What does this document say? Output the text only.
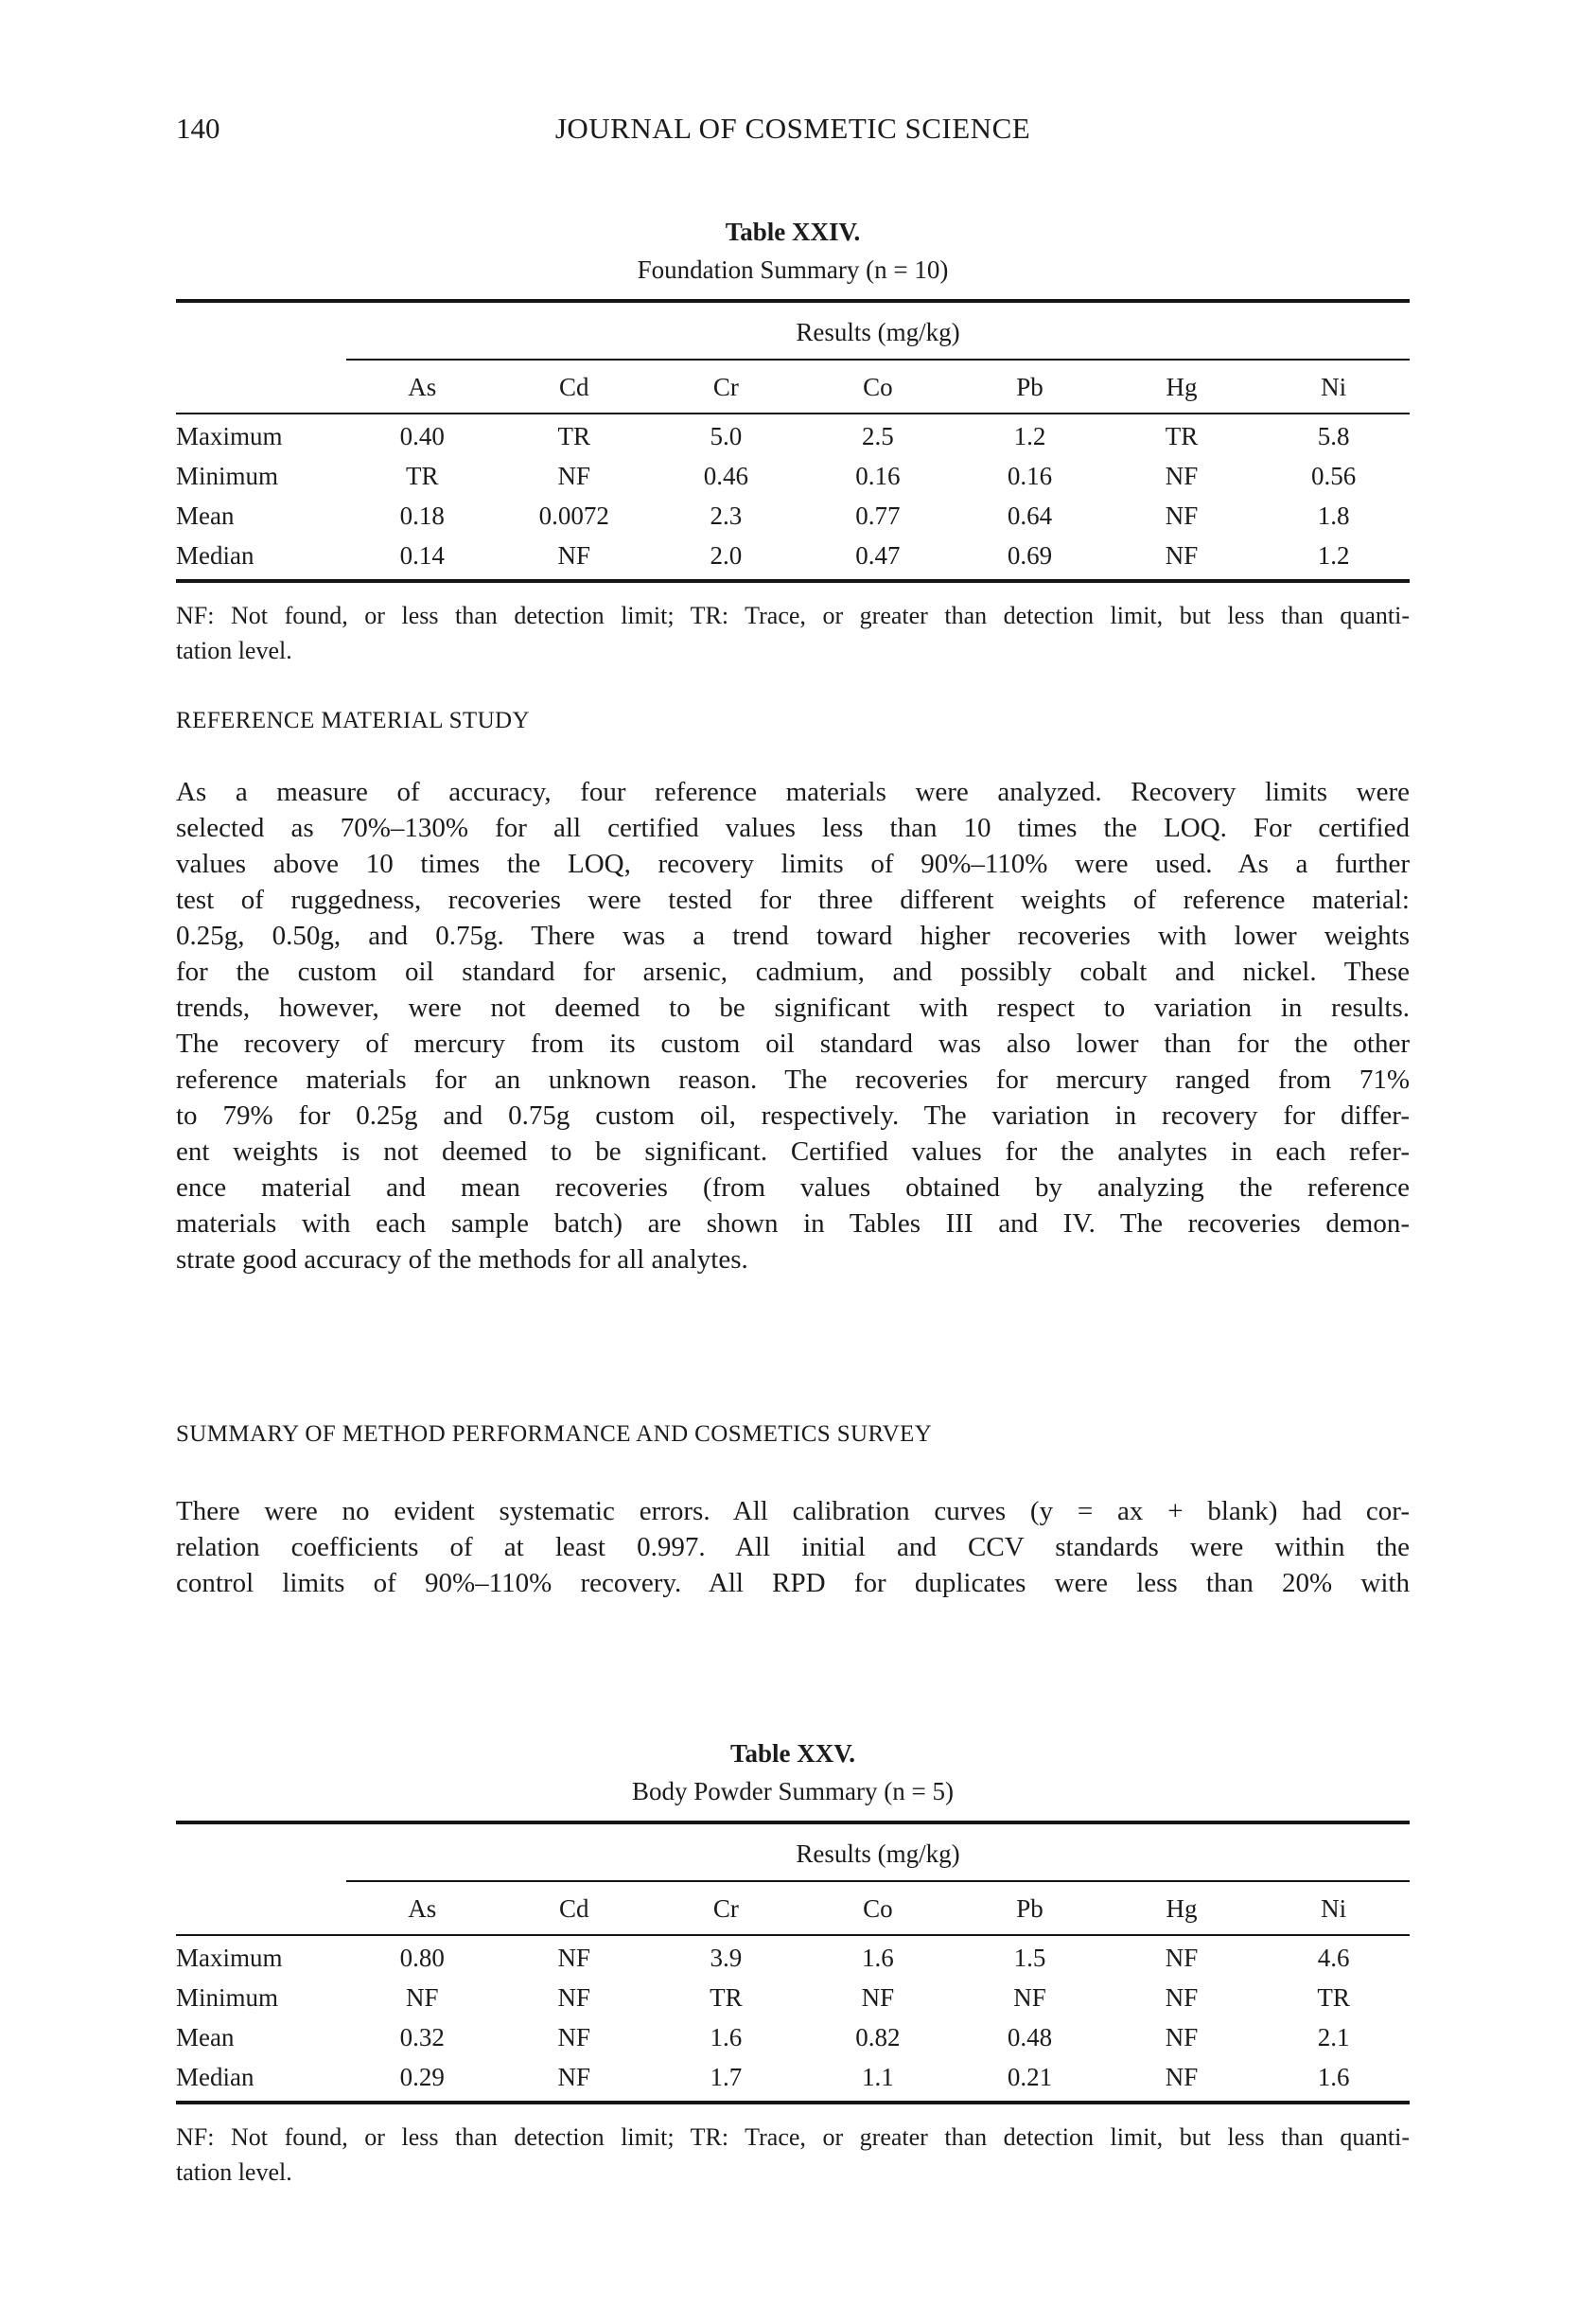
140	JOURNAL OF COSMETIC SCIENCE
Table XXIV.
Foundation Summary (n = 10)
Results (mg/kg)
As	Cd	Cr	Co	Pb	Hg	Ni
Maximum	0.40	TR	5.0	2.5	1.2	TR	5.8
Minimum	TR	NF	0.46	0.16	0.16	NF	0.56
Mean	0.18	0.0072	2.3	0.77	0.64	NF	1.8
Median	0.14	NF	2.0	0.47	0.69	NF	1.2
NF: Not found, or less than detection limit; TR: Trace, or greater than detection limit, but less than quanti-
tation level.
REFERENCE MATERIAL STUDY
As a measure of accuracy, four reference materials were analyzed. Recovery limits were
selected as 70%–130% for all certified values less than 10 times the LOQ. For certified
values above 10 times the LOQ, recovery limits of 90%–110% were used. As a further
test of ruggedness, recoveries were tested for three different weights of reference material:
0.25g, 0.50g, and 0.75g. There was a trend toward higher recoveries with lower weights
for the custom oil standard for arsenic, cadmium, and possibly cobalt and nickel. These
trends, however, were not deemed to be significant with respect to variation in results.
The recovery of mercury from its custom oil standard was also lower than for the other
reference materials for an unknown reason. The recoveries for mercury ranged from 71%
to 79% for 0.25g and 0.75g custom oil, respectively. The variation in recovery for differ-
ent weights is not deemed to be significant. Certified values for the analytes in each refer-
ence material and mean recoveries (from values obtained by analyzing the reference
materials with each sample batch) are shown in Tables III and IV. The recoveries demon-
strate good accuracy of the methods for all analytes.
SUMMARY OF METHOD PERFORMANCE AND COSMETICS SURVEY
There were no evident systematic errors. All calibration curves (y = ax + blank) had cor-
relation coefficients of at least 0.997. All initial and CCV standards were within the
control limits of 90%–110% recovery. All RPD for duplicates were less than 20% with
Table XXV.
Body Powder Summary (n = 5)
Results (mg/kg)
As	Cd	Cr	Co	Pb	Hg	Ni
Maximum	0.80	NF	3.9	1.6	1.5	NF	4.6
Minimum	NF	NF	TR	NF	NF	NF	TR
Mean	0.32	NF	1.6	0.82	0.48	NF	2.1
Median	0.29	NF	1.7	1.1	0.21	NF	1.6
NF: Not found, or less than detection limit; TR: Trace, or greater than detection limit, but less than quanti-
tation level.
